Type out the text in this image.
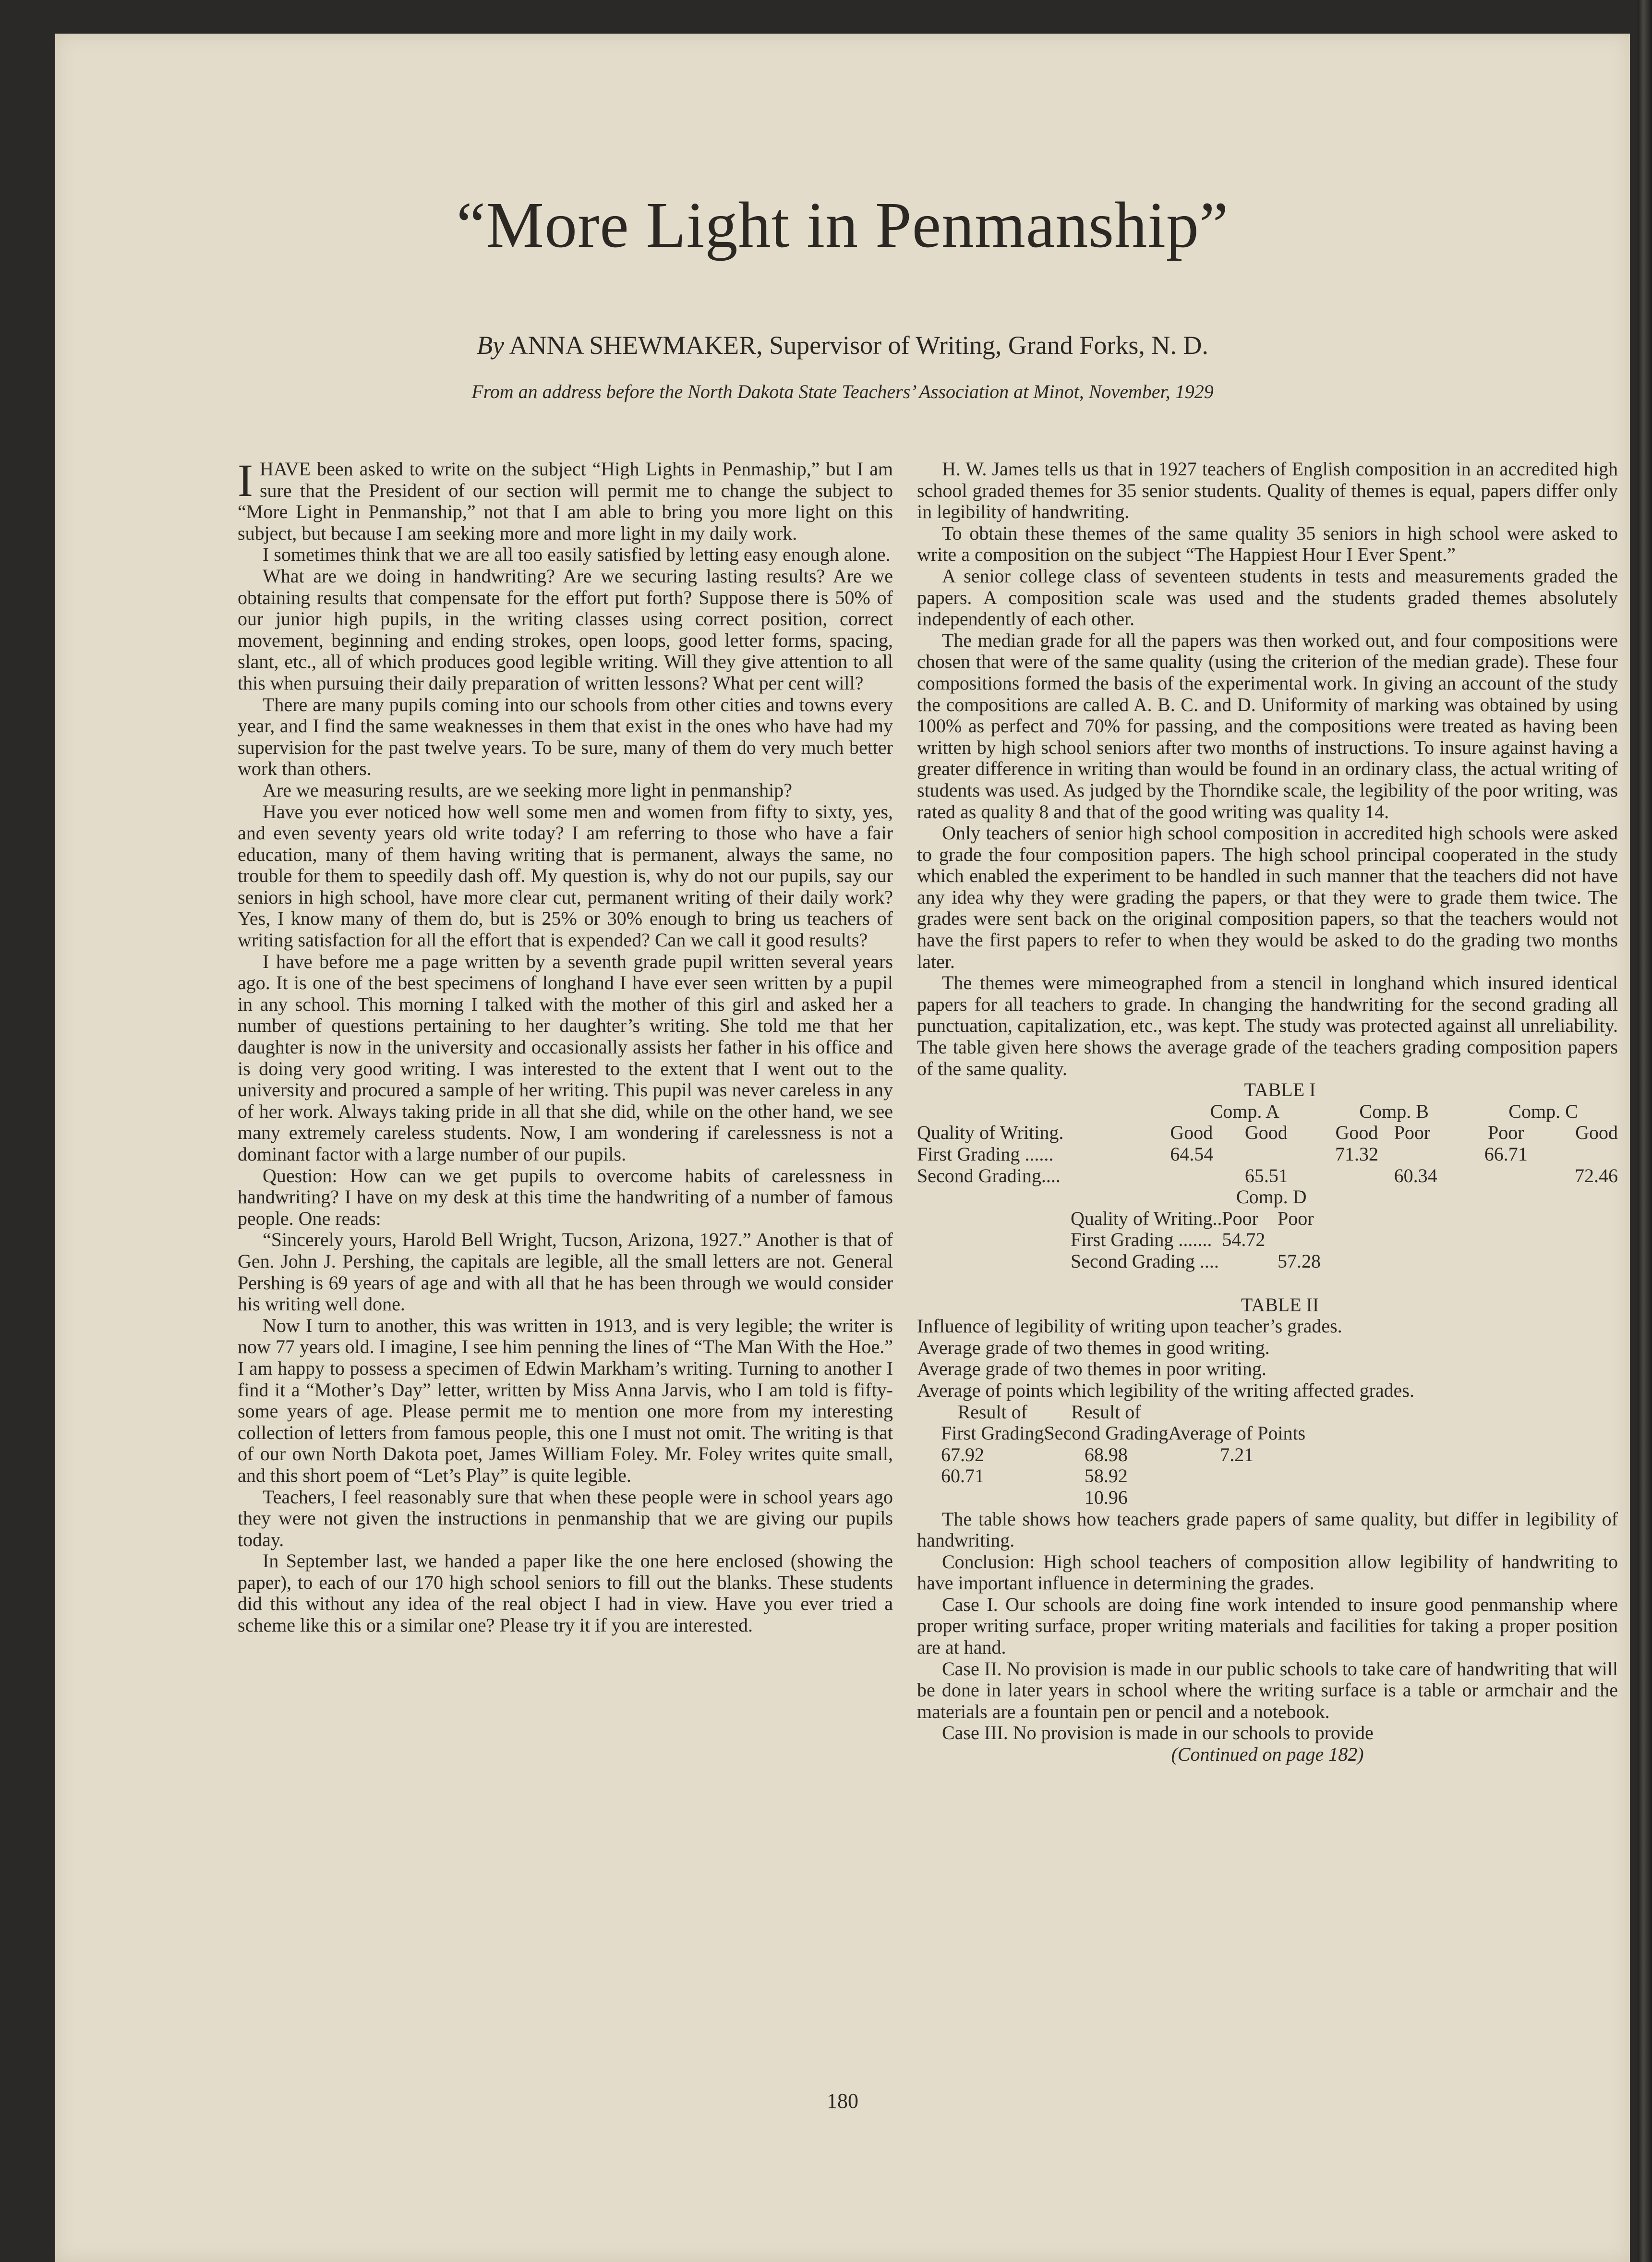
“More Light in Penmanship”
By ANNA SHEWMAKER, Supervisor of Writing, Grand Forks, N. D.
From an address before the North Dakota State Teachers’ Association at Minot, November, 1929

IHAVE been asked to write on the subject “High Lights in Penmaship,” but I am sure that the President of our section will permit me to change the subject to “More Light in Penmanship,” not that I am able to bring you more light on this subject, but because I am seeking more and more light in my daily work.

I sometimes think that we are all too easily satisfied by letting easy enough alone.

What are we doing in handwriting? Are we securing lasting results? Are we obtaining results that compensate for the effort put forth? Suppose there is 50% of our junior high pupils, in the writing classes using correct position, correct movement, beginning and ending strokes, open loops, good letter forms, spacing, slant, etc., all of which produces good legible writing. Will they give attention to all this when pursuing their daily preparation of written lessons? What per cent will?

There are many pupils coming into our schools from other cities and towns every year, and I find the same weaknesses in them that exist in the ones who have had my supervision for the past twelve years. To be sure, many of them do very much better work than others.

Are we measuring results, are we seeking more light in penmanship?

Have you ever noticed how well some men and women from fifty to sixty, yes, and even seventy years old write today? I am referring to those who have a fair education, many of them having writing that is permanent, always the same, no trouble for them to speedily dash off. My question is, why do not our pupils, say our seniors in high school, have more clear cut, permanent writing of their daily work? Yes, I know many of them do, but is 25% or 30% enough to bring us teachers of writing satisfaction for all the effort that is expended? Can we call it good results?

I have before me a page written by a seventh grade pupil written several years ago. It is one of the best specimens of longhand I have ever seen written by a pupil in any school. This morning I talked with the mother of this girl and asked her a number of questions pertaining to her daughter’s writing. She told me that her daughter is now in the university and occasionally assists her father in his office and is doing very good writing. I was interested to the extent that I went out to the university and procured a sample of her writing. This pupil was never careless in any of her work. Always taking pride in all that she did, while on the other hand, we see many extremely careless students. Now, I am wondering if carelessness is not a dominant factor with a large number of our pupils.

Question: How can we get pupils to overcome habits of carelessness in handwriting? I have on my desk at this time the handwriting of a number of famous people. One reads:

“Sincerely yours, Harold Bell Wright, Tucson, Arizona, 1927.” Another is that of Gen. John J. Pershing, the capitals are legible, all the small letters are not. General Pershing is 69 years of age and with all that he has been through we would consider his writing well done.

Now I turn to another, this was written in 1913, and is very legible; the writer is now 77 years old. I imagine, I see him penning the lines of “The Man With the Hoe.” I am happy to possess a specimen of Edwin Markham’s writing. Turning to another I find it a “Mother’s Day” letter, written by Miss Anna Jarvis, who I am told is fifty-some years of age. Please permit me to mention one more from my interesting collection of letters from famous people, this one I must not omit. The writing is that of our own North Dakota poet, James William Foley. Mr. Foley writes quite small, and this short poem of “Let’s Play” is quite legible.

Teachers, I feel reasonably sure that when these people were in school years ago they were not given the instructions in penmanship that we are giving our pupils today.

In September last, we handed a paper like the one here enclosed (showing the paper), to each of our 170 high school seniors to fill out the blanks. These students did this without any idea of the real object I had in view. Have you ever tried a scheme like this or a similar one? Please try it if you are interested.

H. W. James tells us that in 1927 teachers of English composition in an accredited high school graded themes for 35 senior students. Quality of themes is equal, papers differ only in legibility of handwriting.

To obtain these themes of the same quality 35 seniors in high school were asked to write a composition on the subject “The Happiest Hour I Ever Spent.”

A senior college class of seventeen students in tests and measurements graded the papers. A composition scale was used and the students graded themes absolutely independently of each other.

The median grade for all the papers was then worked out, and four compositions were chosen that were of the same quality (using the criterion of the median grade). These four compositions formed the basis of the experimental work. In giving an account of the study the compositions are called A. B. C. and D. Uniformity of marking was obtained by using 100% as perfect and 70% for passing, and the compositions were treated as having been written by high school seniors after two months of instructions. To insure against having a greater difference in writing than would be found in an ordinary class, the actual writing of students was used. As judged by the Thorndike scale, the legibility of the poor writing, was rated as quality 8 and that of the good writing was quality 14.

Only teachers of senior high school composition in accredited high schools were asked to grade the four composition papers. The high school principal cooperated in the study which enabled the experiment to be handled in such manner that the teachers did not have any idea why they were grading the papers, or that they were to grade them twice. The grades were sent back on the original composition papers, so that the teachers would not have the first papers to refer to when they would be asked to do the grading two months later.

The themes were mimeographed from a stencil in longhand which insured identical papers for all teachers to grade. In changing the handwriting for the second grading all punctuation, capitalization, etc., was kept. The study was protected against all unreliability. The table given here shows the average grade of the teachers grading composition papers of the same quality.

TABLE I

	Comp. A		Comp. B		Comp. C	
Quality of Writing.	Good	Good	Good	Poor	Poor	Good
First Grading ......	64.54		71.32		66.71	
Second Grading....		65.51		60.34		72.46
	Comp. D	
Quality of Writing..	Poor	Poor
First Grading .......	54.72	
Second Grading ....		57.28

TABLE II

Influence of legibility of writing upon teacher’s grades.
Average grade of two themes in good writing.
Average grade of two themes in poor writing.
Average of points which legibility of the writing affected grades.
Result of	Result of	
First Grading	Second Grading	Average of Points
67.92	68.98	7.21
60.71	58.92	
	10.96	

The table shows how teachers grade papers of same quality, but differ in legibility of handwriting.

Conclusion: High school teachers of composition allow legibility of handwriting to have important influence in determining the grades.

Case I. Our schools are doing fine work intended to insure good penmanship where proper writing surface, proper writing materials and facilities for taking a proper position are at hand.

Case II. No provision is made in our public schools to take care of handwriting that will be done in later years in school where the writing surface is a table or armchair and the materials are a fountain pen or pencil and a notebook.

Case III. No provision is made in our schools to provide

(Continued on page 182)

180
